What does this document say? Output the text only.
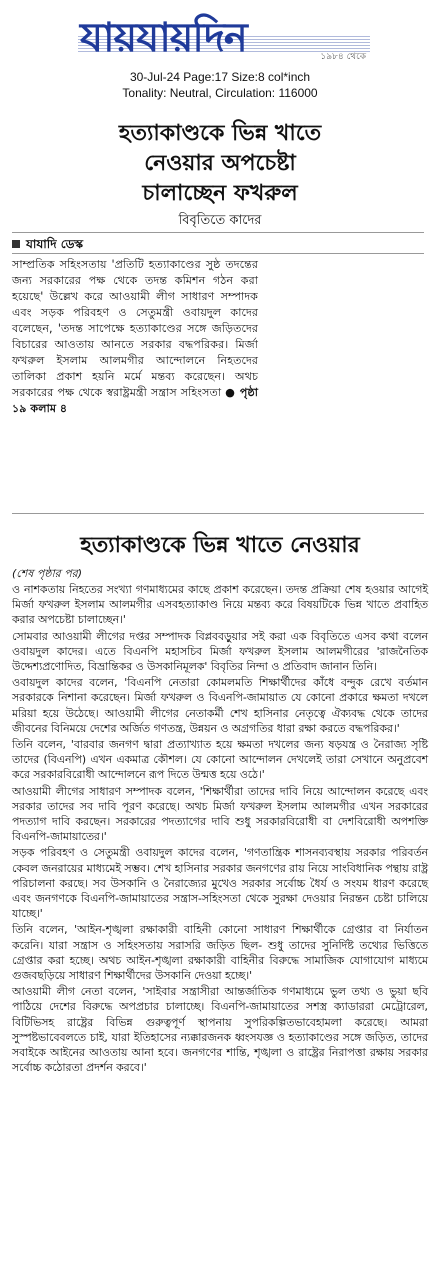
যায়যায়দিন	১৯৮৪ থেকে
30-Jul-24 Page:17 Size:8 col*inch
Tonality: Neutral, Circulation: 116000
হত্যাকাণ্ডকে ভিন্ন খাতে
নেওয়ার অপচেষ্টা
চালাচ্ছেন ফখরুল
বিবৃতিতে কাদের
যাযাদি ডেস্ক

সাম্প্রতিক সহিংসতায় 'প্রতিটি হত্যাকাণ্ডের সুষ্ঠ তদন্তের জন্য সরকারের পক্ষ থেকে তদন্ত কমিশন গঠন করা হয়েছে' উল্লেখ করে আওয়ামী লীগ সাধারণ সম্পাদক এবং সড়ক পরিবহণ ও সেতুমন্ত্রী ওবায়দুল কাদের বলেছেন, 'তদন্ত সাপেক্ষে হত্যাকাণ্ডের সঙ্গে জড়িতদের বিচারের আওতায় আনতে সরকার বদ্ধপরিকর। মির্জা ফখরুল ইসলাম আলমগীর আন্দোলনে নিহতদের তালিকা প্রকাশ হয়নি মর্মে মন্তব্য করেছেন। অথচ সরকারের পক্ষ থেকে স্বরাষ্ট্রমন্ত্রী সন্ত্রাস সহিংসতা ● পৃষ্ঠা ১৯ কলাম ৪

হত্যাকাণ্ডকে ভিন্ন খাতে নেওয়ার
(শেষ পৃষ্ঠার পর)

ও নাশকতায় নিহতের সংখ্যা গণমাধ্যমের কাছে প্রকাশ করেছেন। তদন্ত প্রক্রিয়া শেষ হওয়ার আগেই মির্জা ফখরুল ইসলাম আলমগীর এসবহত্যাকাণ্ড নিয়ে মন্তব্য করে বিষয়টিকে ভিন্ন খাতে প্রবাহিত করার অপচেষ্টা চালাচ্ছেন।'

সোমবার আওয়ামী লীগের দপ্তর সম্পাদক বিপ্লববড়ুয়ার সই করা এক বিবৃতিতে এসব কথা বলেন ওবায়দুল কাদের। এতে বিএনপি মহাসচিব মির্জা ফখরুল ইসলাম আলমগীরের 'রাজনৈতিক উদ্দেশ্যপ্রণোদিত, বিভ্রান্তিকর ও উসকানিমূলক' বিবৃতির নিন্দা ও প্রতিবাদ জানান তিনি।

ওবায়দুল কাদের বলেন, 'বিএনপি নেতারা কোমলমতি শিক্ষার্থীদের কাঁধে বন্দুক রেখে বর্তমান সরকারকে নিশানা করেছেন। মির্জা ফখরুল ও বিএনপি-জামায়াত যে কোনো প্রকারে ক্ষমতা দখলে মরিয়া হয়ে উঠেছে। আওয়ামী লীগের নেতাকর্মী শেখ হাসিনার নেতৃত্বে ঐক্যবদ্ধ থেকে তাদের জীবনের বিনিময়ে দেশের অর্জিত গণতন্ত্র, উন্নয়ন ও অগ্রগতির ধারা রক্ষা করতে বদ্ধপরিকর।'

তিনি বলেন, 'বারবার জনগণ দ্বারা প্রত্যাখ্যাত হয়ে ক্ষমতা দখলের জন্য ষড়যন্ত্র ও নৈরাজ্য সৃষ্টি তাদের (বিএনপি) এখন একমাত্র কৌশল। যে কোনো আন্দোলন দেখলেই তারা সেখানে অনুপ্রবেশ করে সরকারবিরোধী আন্দোলনে রূপ দিতে উন্মত্ত হয়ে ওঠে।'

আওয়ামী লীগের সাধারণ সম্পাদক বলেন, 'শিক্ষার্থীরা তাদের দাবি নিয়ে আন্দোলন করেছে এবং সরকার তাদের সব দাবি পূরণ করেছে। অথচ মির্জা ফখরুল ইসলাম আলমগীর এখন সরকারের পদত্যাগ দাবি করছেন। সরকারের পদত্যাগের দাবি শুধু সরকারবিরোধী বা দেশবিরোধী অপশক্তি বিএনপি-জামায়াতের।'

সড়ক পরিবহণ ও সেতুমন্ত্রী ওবায়দুল কাদের বলেন, 'গণতান্ত্রিক শাসনব্যবস্থায় সরকার পরিবর্তন কেবল জনরায়ের মাধ্যমেই সম্ভব। শেখ হাসিনার সরকার জনগণের রায় নিয়ে সাংবিধানিক পন্থায় রাষ্ট্র পরিচালনা করছে। সব উসকানি ও নৈরাজ্যের মুখেও সরকার সর্বোচ্চ ধৈর্য ও সংযম ধারণ করেছে এবং জনগণকে বিএনপি-জামায়াতের সন্ত্রাস-সহিংসতা থেকে সুরক্ষা দেওয়ার নিরন্তন চেষ্টা চালিয়ে যাচ্ছে।'

তিনি বলেন, 'আইন-শৃঙ্খলা রক্ষাকারী বাহিনী কোনো সাধারণ শিক্ষার্থীকে গ্রেপ্তার বা নির্যাতন করেনি। যারা সন্ত্রাস ও সহিংসতায় সরাসরি জড়িত ছিল- শুধু তাদের সুনির্দিষ্ট তথ্যের ভিত্তিতে গ্রেপ্তার করা হচ্ছে। অথচ আইন-শৃঙ্খলা রক্ষাকারী বাহিনীর বিরুদ্ধে সামাজিক যোগাযোগ মাধ্যমে গুজবছড়িয়ে সাধারণ শিক্ষার্থীদের উসকানি দেওয়া হচ্ছে।'

আওয়ামী লীগ নেতা বলেন, 'সাইবার সন্ত্রাসীরা আন্তর্জাতিক গণমাধ্যমে ভুল তথ্য ও ভুয়া ছবি পাঠিয়ে দেশের বিরুদ্ধে অপপ্রচার চালাচ্ছে। বিএনপি-জামায়াতের সশস্ত্র ক্যাডাররা মেট্রোরেল, বিটিভিসহ রাষ্ট্রের বিভিন্ন গুরুত্বপূর্ণ স্থাপনায় সুপরিকল্পিতভাবেহামলা করেছে। আমরা সুস্পষ্টভাবেবলতে চাই, যারা ইতিহাসের ন্যক্কারজনক ধ্বংসযজ্ঞ ও হত্যাকাণ্ডের সঙ্গে জড়িত, তাদের সবাইকে আইনের আওতায় আনা হবে। জনগণের শান্তি, শৃঙ্খলা ও রাষ্ট্রের নিরাপত্তা রক্ষায় সরকার সর্বোচ্চ কঠোরতা প্রদর্শন করবে।'
